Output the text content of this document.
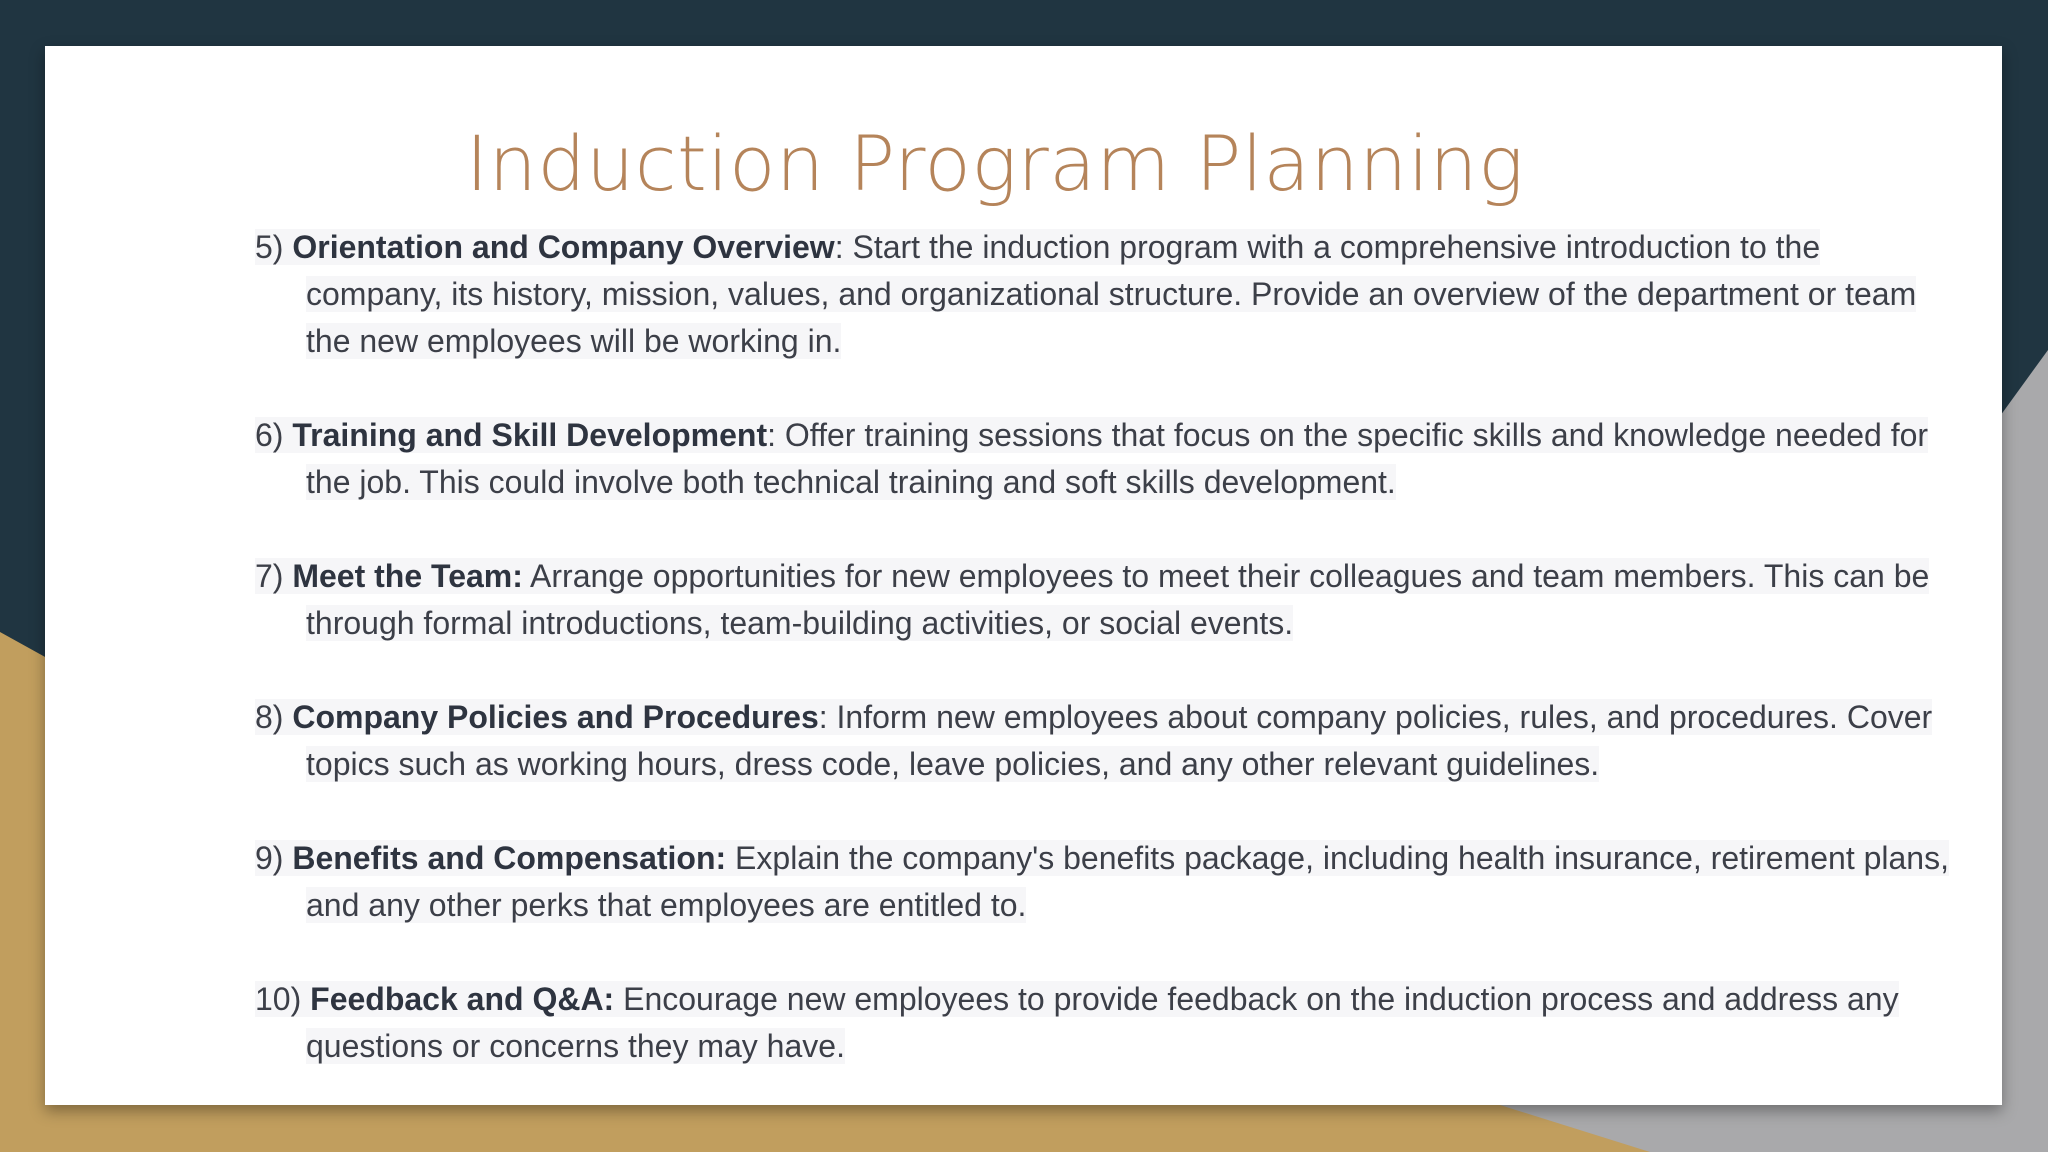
Induction Program Planning

5) Orientation and Company Overview: Start the induction program with a comprehensive introduction to the company, its history, mission, values, and organizational structure. Provide an overview of the department or team the new employees will be working in.

6) Training and Skill Development: Offer training sessions that focus on the specific skills and knowledge needed for the job. This could involve both technical training and soft skills development.

7) Meet the Team: Arrange opportunities for new employees to meet their colleagues and team members. This can be through formal introductions, team-building activities, or social events.

8) Company Policies and Procedures: Inform new employees about company policies, rules, and procedures. Cover topics such as working hours, dress code, leave policies, and any other relevant guidelines.

9) Benefits and Compensation: Explain the company's benefits package, including health insurance, retirement plans, and any other perks that employees are entitled to.

10) Feedback and Q&A: Encourage new employees to provide feedback on the induction process and address any questions or concerns they may have.
